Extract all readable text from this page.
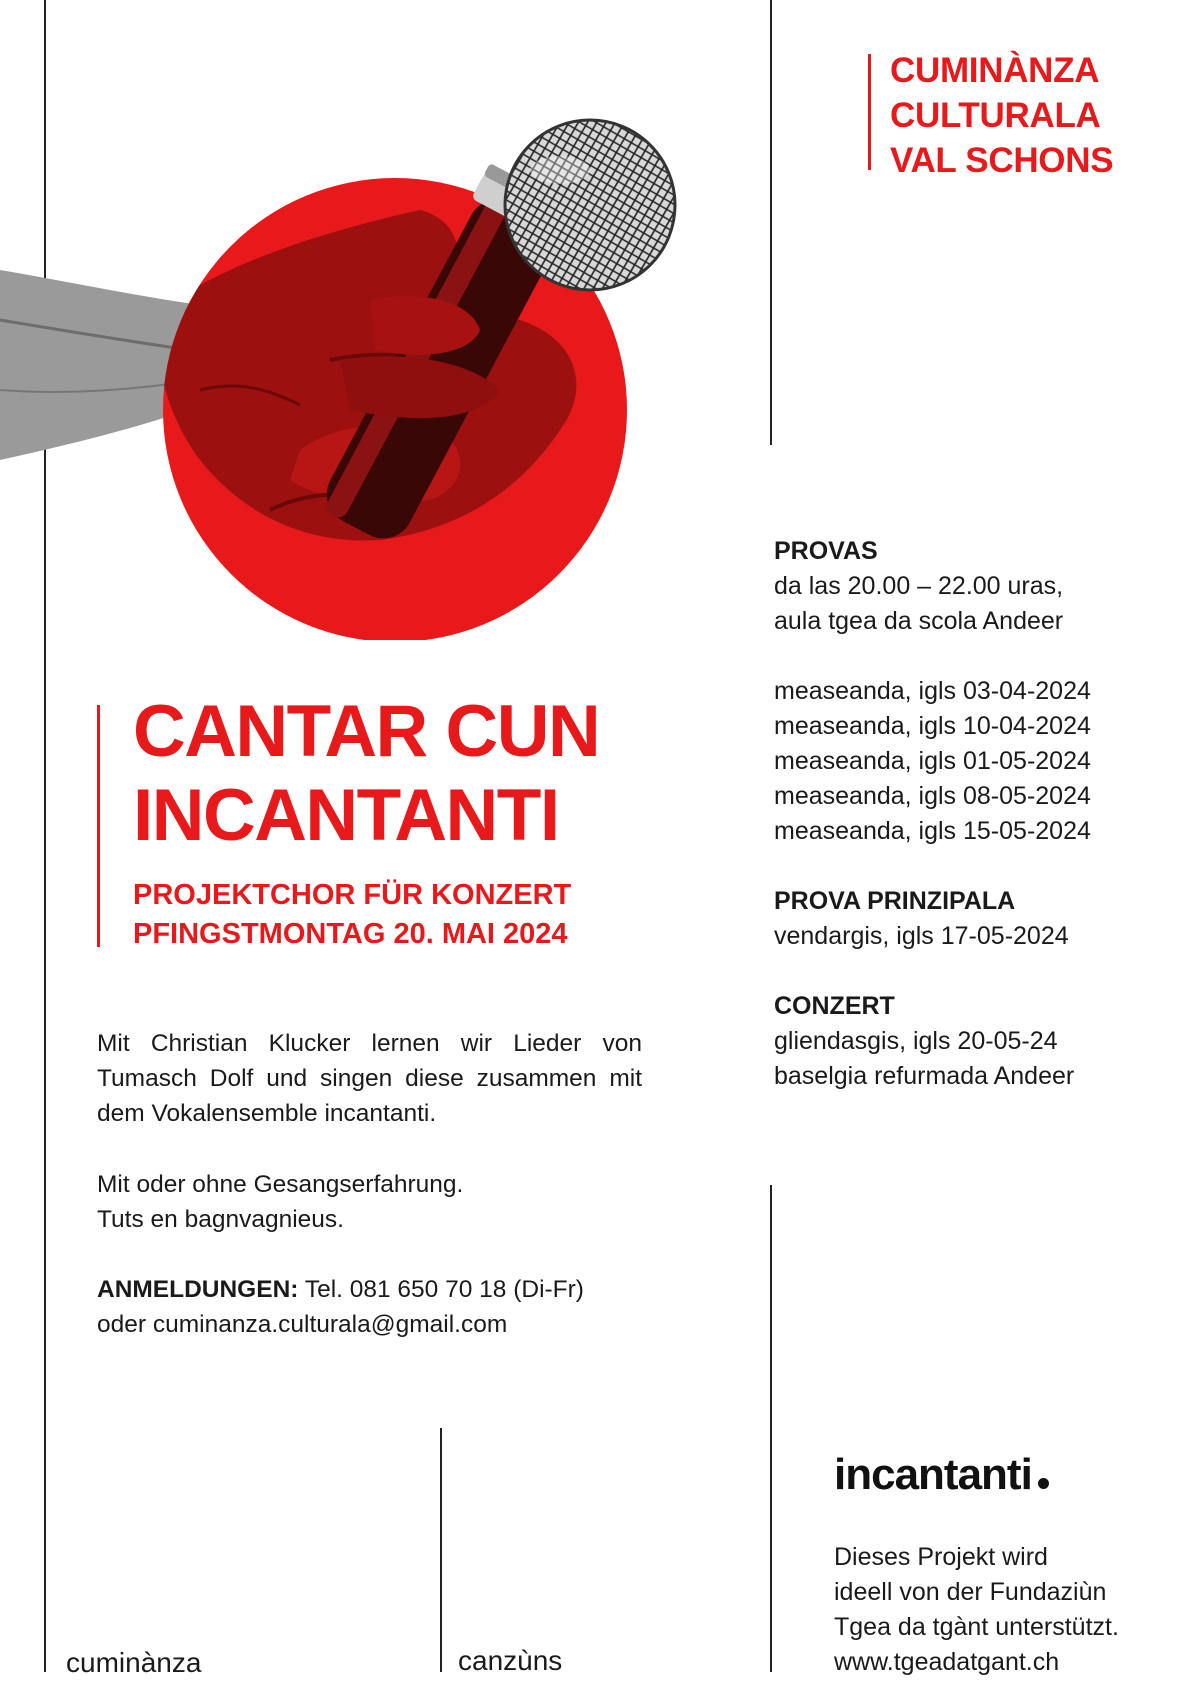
CUMINÀNZA
CULTURALA
VAL SCHONS
CANTAR CUN
INCANTANTI
PROJEKTCHOR FÜR KONZERT
PFINGSTMONTAG 20. MAI 2024
Mit Christian Klucker lernen wir Lieder von Tumasch Dolf und singen diese zusammen mit dem Vokalensemble incantanti.
Mit oder ohne Gesangserfahrung.
Tuts en bagnvagnieus.
ANMELDUNGEN: Tel. 081 650 70 18 (Di-Fr)
oder cuminanza.culturala@gmail.com
PROVAS
da las 20.00 – 22.00 uras,
aula tgea da scola Andeer
measeanda, igls 03-04-2024
measeanda, igls 10-04-2024
measeanda, igls 01-05-2024
measeanda, igls 08-05-2024
measeanda, igls 15-05-2024
PROVA PRINZIPALA
vendargis, igls 17-05-2024
CONZERT
gliendasgis, igls 20-05-24
baselgia refurmada Andeer
incantanti
Dieses Projekt wird
ideell von der Fundaziùn
Tgea da tgànt unterstützt.
www.tgeadatgant.ch
cuminànza	canzùns
